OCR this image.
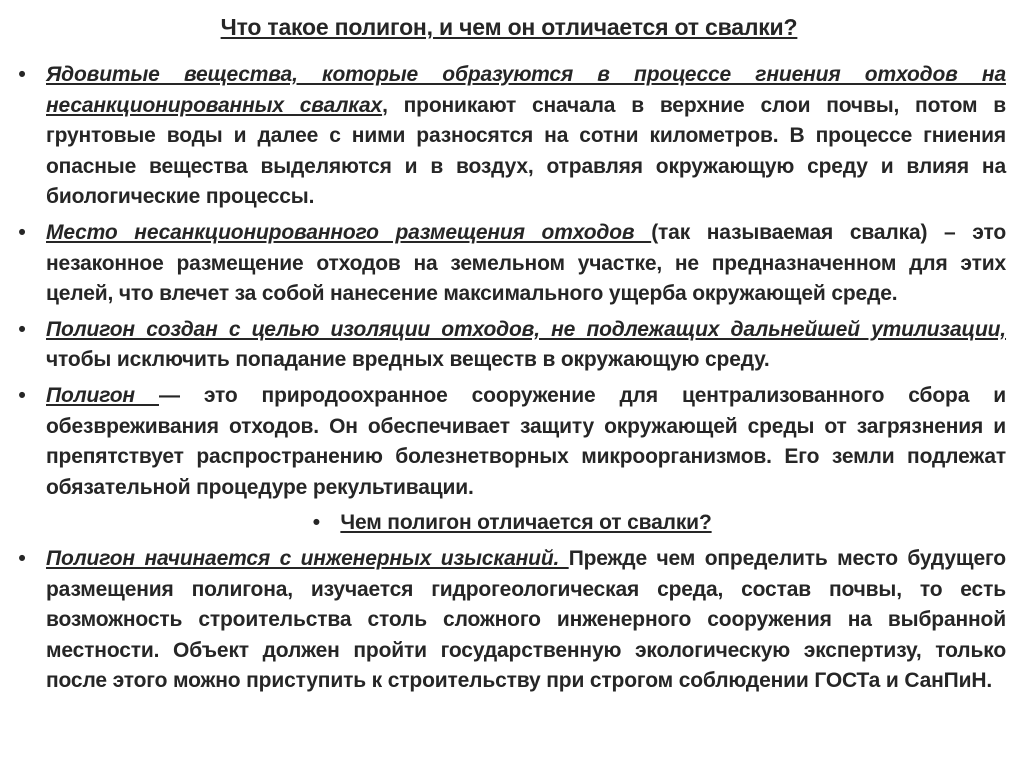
Что такое полигон, и чем он отличается от свалки?
• Ядовитые вещества, которые образуются в процессе гниения отходов на несанкционированных свалках, проникают сначала в верхние слои почвы, потом в грунтовые воды и далее с ними разносятся на сотни километров. В процессе гниения опасные вещества выделяются и в воздух, отравляя окружающую среду и влияя на биологические процессы.
• Место несанкционированного размещения отходов (так называемая свалка) – это незаконное размещение отходов на земельном участке, не предназначенном для этих целей, что влечет за собой нанесение максимального ущерба окружающей среде.
• Полигон создан с целью изоляции отходов, не подлежащих дальнейшей утилизации, чтобы исключить попадание вредных веществ в окружающую среду.
• Полигон — это природоохранное сооружение для централизованного сбора и обезвреживания отходов. Он обеспечивает защиту окружающей среды от загрязнения и препятствует распространению болезнетворных микроорганизмов. Его земли подлежат обязательной процедуре рекультивации.
• Чем полигон отличается от свалки?
• Полигон начинается с инженерных изысканий. Прежде чем определить место будущего размещения полигона, изучается гидрогеологическая среда, состав почвы, то есть возможность строительства столь сложного инженерного сооружения на выбранной местности. Объект должен пройти государственную экологическую экспертизу, только после этого можно приступить к строительству при строгом соблюдении ГОСТа и СанПиН.
